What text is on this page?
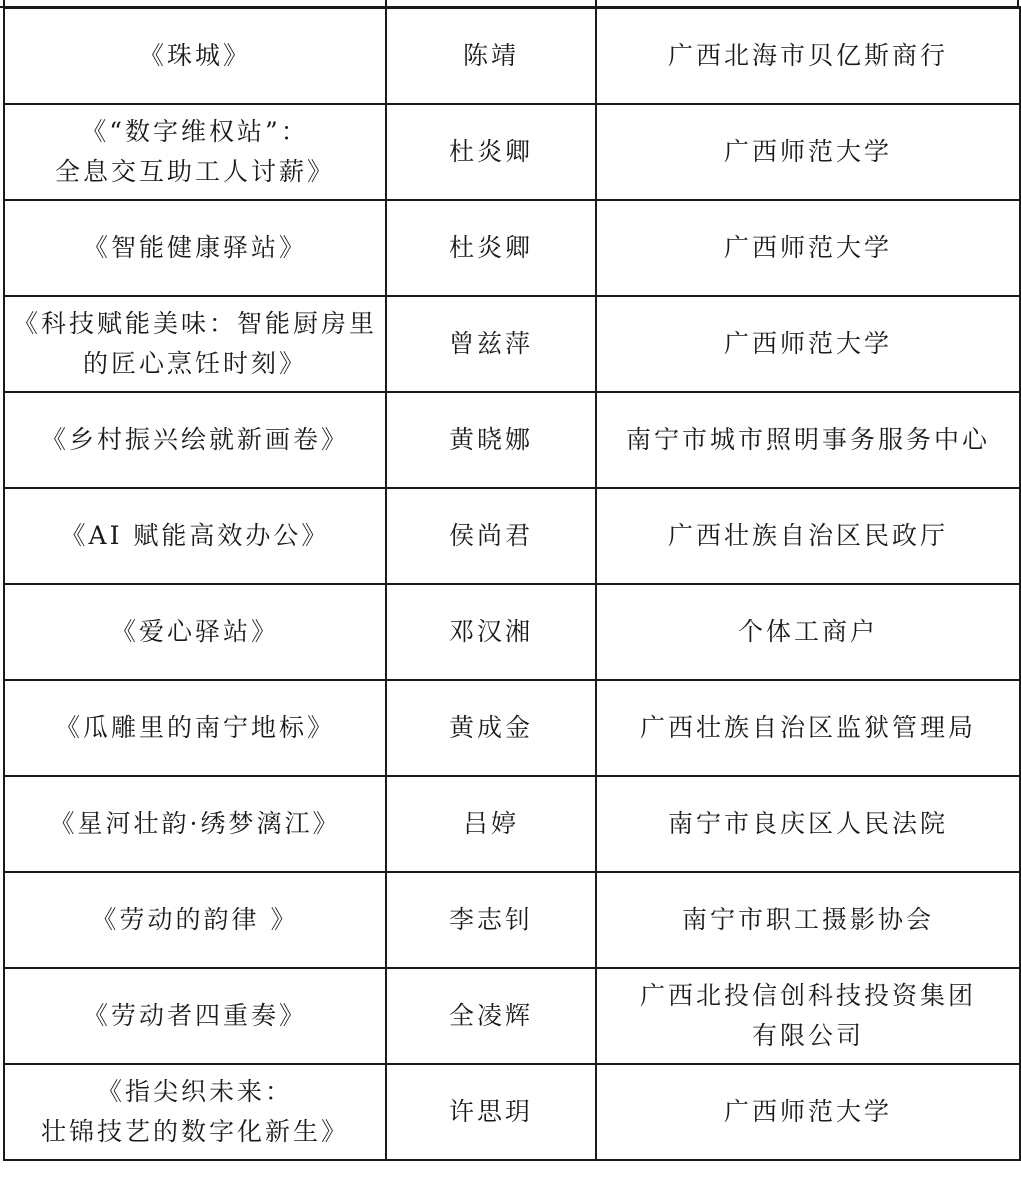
《珠城》	陈靖	广西北海市贝亿斯商行
《“数字维权站”：
全息交互助工人讨薪》	杜炎卿	广西师范大学
《智能健康驿站》	杜炎卿	广西师范大学
《科技赋能美味：智能厨房里
的匠心烹饪时刻》	曾兹萍	广西师范大学
《乡村振兴绘就新画卷》	黄晓娜	南宁市城市照明事务服务中心
《AI 赋能高效办公》	侯尚君	广西壮族自治区民政厅
《爱心驿站》	邓汉湘	个体工商户
《瓜雕里的南宁地标》	黄成金	广西壮族自治区监狱管理局
《星河壮韵·绣梦漓江》	吕婷	南宁市良庆区人民法院
《劳动的韵律 》	李志钊	南宁市职工摄影协会
《劳动者四重奏》	全凌辉	广西北投信创科技投资集团
有限公司
《指尖织未来：
壮锦技艺的数字化新生》	许思玥	广西师范大学
